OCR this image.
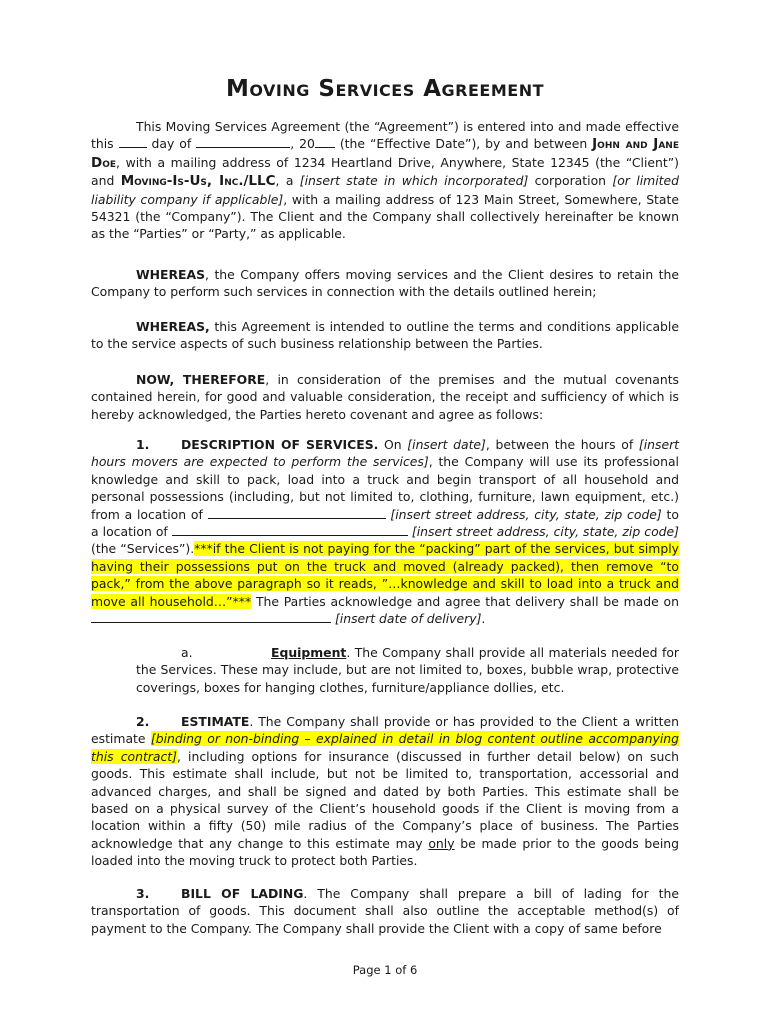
Moving Services Agreement
This Moving Services Agreement (the “Agreement”) is entered into and made effective this  day of	, 20 (the “Effective Date”), by and between John and Jane Doe, with a mailing address of 1234 Heartland Drive, Anywhere, State 12345 (the “Client”) and Moving-Is-Us, Inc./LLC, a [insert state in which incorporated] corporation [or limited liability company if applicable], with a mailing address of 123 Main Street, Somewhere, State 54321 (the “Company”). The Client and the Company shall collectively hereinafter be known as the “Parties” or “Party,” as applicable.
WHEREAS, the Company offers moving services and the Client desires to retain the Company to perform such services in connection with the details outlined herein;
WHEREAS, this Agreement is intended to outline the terms and conditions applicable to the service aspects of such business relationship between the Parties.
NOW, THEREFORE, in consideration of the premises and the mutual covenants contained herein, for good and valuable consideration, the receipt and sufficiency of which is hereby acknowledged, the Parties hereto covenant and agree as follows:
1.	DESCRIPTION OF SERVICES. On [insert date], between the hours of [insert hours movers are expected to perform the services], the Company will use its professional knowledge and skill to pack, load into a truck and begin transport of all household and personal possessions (including, but not limited to, clothing, furniture, lawn equipment, etc.) from a location of	[insert street address, city, state, zip code] to a location of	[insert street address, city, state, zip code] (the “Services”).***if the Client is not paying for the “packing” part of the services, but simply having their possessions put on the truck and moved (already packed), then remove “to pack,” from the above paragraph so it reads, ”…knowledge and skill to load into a truck and move all household…”*** The Parties acknowledge and agree that delivery shall be made on  [insert date of delivery].
a.	Equipment. The Company shall provide all materials needed for the Services. These may include, but are not limited to, boxes, bubble wrap, protective coverings, boxes for hanging clothes, furniture/appliance dollies, etc.
2.	ESTIMATE. The Company shall provide or has provided to the Client a written estimate [binding or non-binding – explained in detail in blog content outline accompanying this contract], including options for insurance (discussed in further detail below) on such goods. This estimate shall include, but not be limited to, transportation, accessorial and advanced charges, and shall be signed and dated by both Parties. This estimate shall be based on a physical survey of the Client’s household goods if the Client is moving from a location within a fifty (50) mile radius of the Company’s place of business. The Parties acknowledge that any change to this estimate may only be made prior to the goods being loaded into the moving truck to protect both Parties.
3.	BILL OF LADING. The Company shall prepare a bill of lading for the transportation of goods. This document shall also outline the acceptable method(s) of payment to the Company. The Company shall provide the Client with a copy of same before
Page 1 of 6
